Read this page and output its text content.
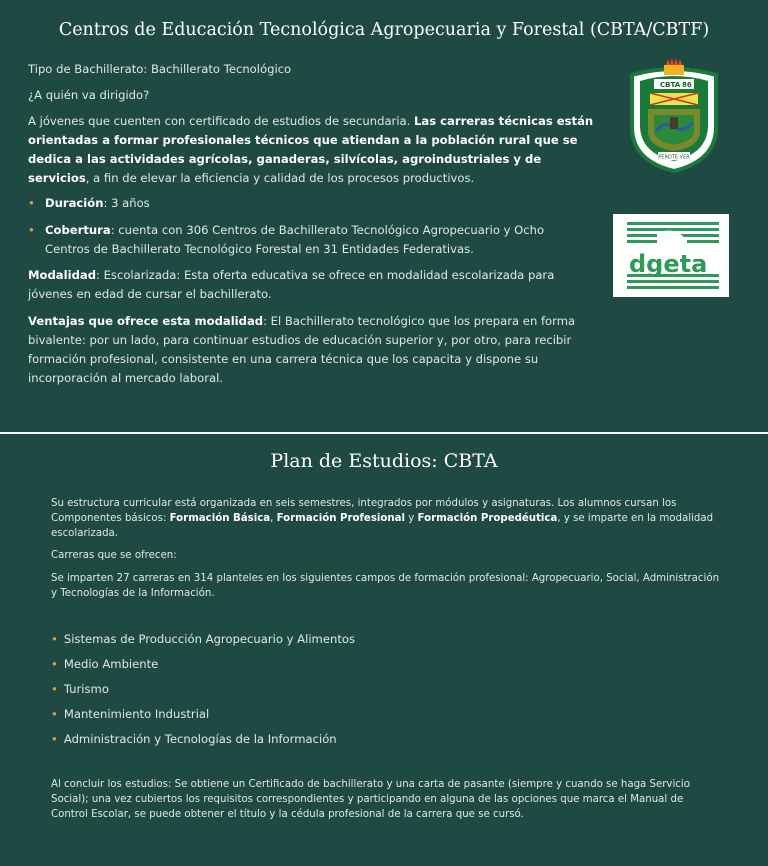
Centros de Educación Tecnológica Agropecuaria y Forestal (CBTA/CBTF)

Tipo de Bachillerato: Bachillerato Tecnológico

¿A quién va dirigido?

A jóvenes que cuenten con certificado de estudios de secundaria. Las carreras técnicas están orientadas a formar profesionales técnicos que atiendan a la población rural que se dedica a las actividades agrícolas, ganaderas, silvícolas, agroindustriales y de servicios, a fin de elevar la eficiencia y calidad de los procesos productivos.

• Duración: 3 años
• Cobertura: cuenta con 306 Centros de Bachillerato Tecnológico Agropecuario y Ocho Centros de Bachillerato Tecnológico Forestal en 31 Entidades Federativas.

Modalidad: Escolarizada: Esta oferta educativa se ofrece en modalidad escolarizada para jóvenes en edad de cursar el bachillerato.

Ventajas que ofrece esta modalidad: El Bachillerato tecnológico que los prepara en forma bivalente: por un lado, para continuar estudios de educación superior y, por otro, para recibir formación profesional, consistente en una carrera técnica que los capacita y dispone su incorporación al mercado laboral.

CBTA 86
PEROTE VER
dgeta
Plan de Estudios: CBTA

Su estructura curricular está organizada en seis semestres, integrados por módulos y asignaturas. Los alumnos cursan los Componentes básicos: Formación Básica, Formación Profesional y Formación Propedéutica, y se imparte en la modalidad escolarizada.

Carreras que se ofrecen:

Se imparten 27 carreras en 314 planteles en los siguientes campos de formación profesional: Agropecuario, Social, Administración y Tecnologías de la Información.

• Sistemas de Producción Agropecuario y Alimentos
• Medio Ambiente
• Turismo
• Mantenimiento Industrial
• Administración y Tecnologías de la Información

Al concluir los estudios: Se obtiene un Certificado de bachillerato y una carta de pasante (siempre y cuando se haga Servicio Social); una vez cubiertos los requisitos correspondientes y participando en alguna de las opciones que marca el Manual de Control Escolar, se puede obtener el título y la cédula profesional de la carrera que se cursó.
